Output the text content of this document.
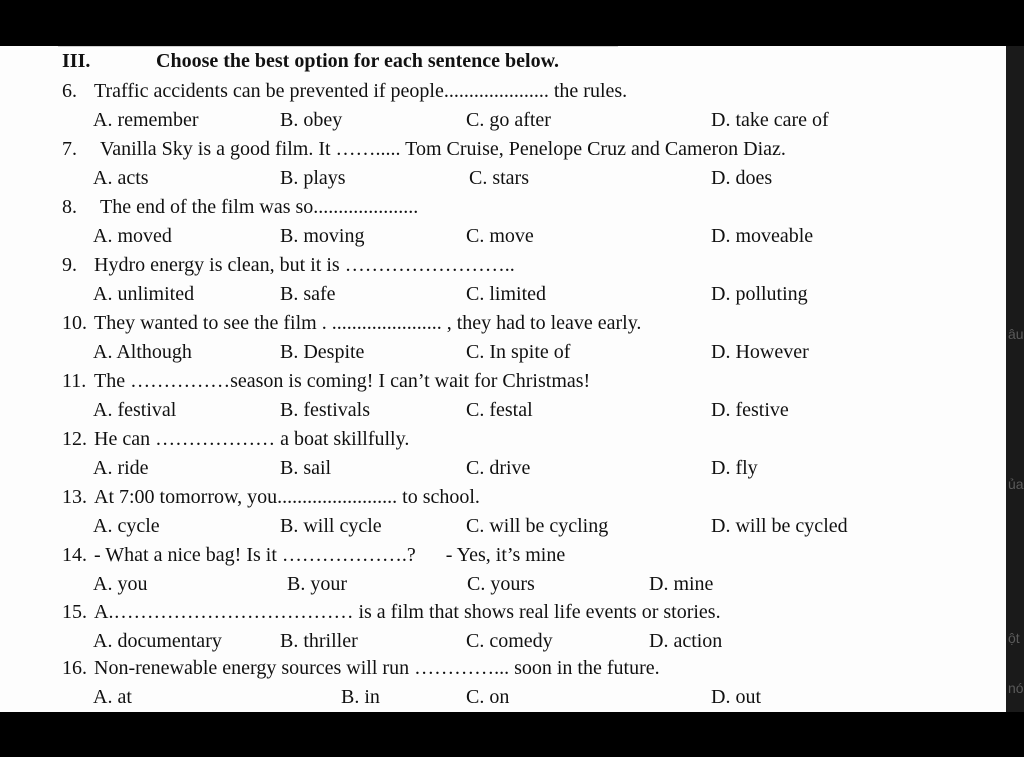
âu
ủa
ột
nó
III.	Choose the best option for each sentence below.
6. Traffic accidents can be prevented if people..................... the rules.
A. remember	B. obey	C. go after	D. take care of
7. Vanilla Sky is a good film. It ……..... Tom Cruise, Penelope Cruz and Cameron Diaz.
A. acts	B. plays	C. stars	D. does
8. The end of the film was so.....................
A. moved	B. moving	C. move	D. moveable
9. Hydro energy is clean, but it is ……………………..
A. unlimited	B. safe	C. limited	D. polluting
10. They wanted to see the film . ...................... , they had to leave early.
A. Although	B. Despite	C. In spite of	D. However
11. The ……………season is coming! I can’t wait for Christmas!
A. festival	B. festivals	C. festal	D. festive
12. He can ……………… a boat skillfully.
A. ride	B. sail	C. drive	D. fly
13. At 7:00 tomorrow, you........................ to school.
A. cycle	B. will cycle	C. will be cycling	D. will be cycled
14. - What a nice bag! Is it ……………….?      - Yes, it’s mine
A. you	B. your	C. yours	D. mine
15. A.……………………………… is a film that shows real life events or stories.
A. documentary	B. thriller	C. comedy	D. action
16. Non-renewable energy sources will run …………... soon in the future.
A. at	B. in	C. on	D. out
